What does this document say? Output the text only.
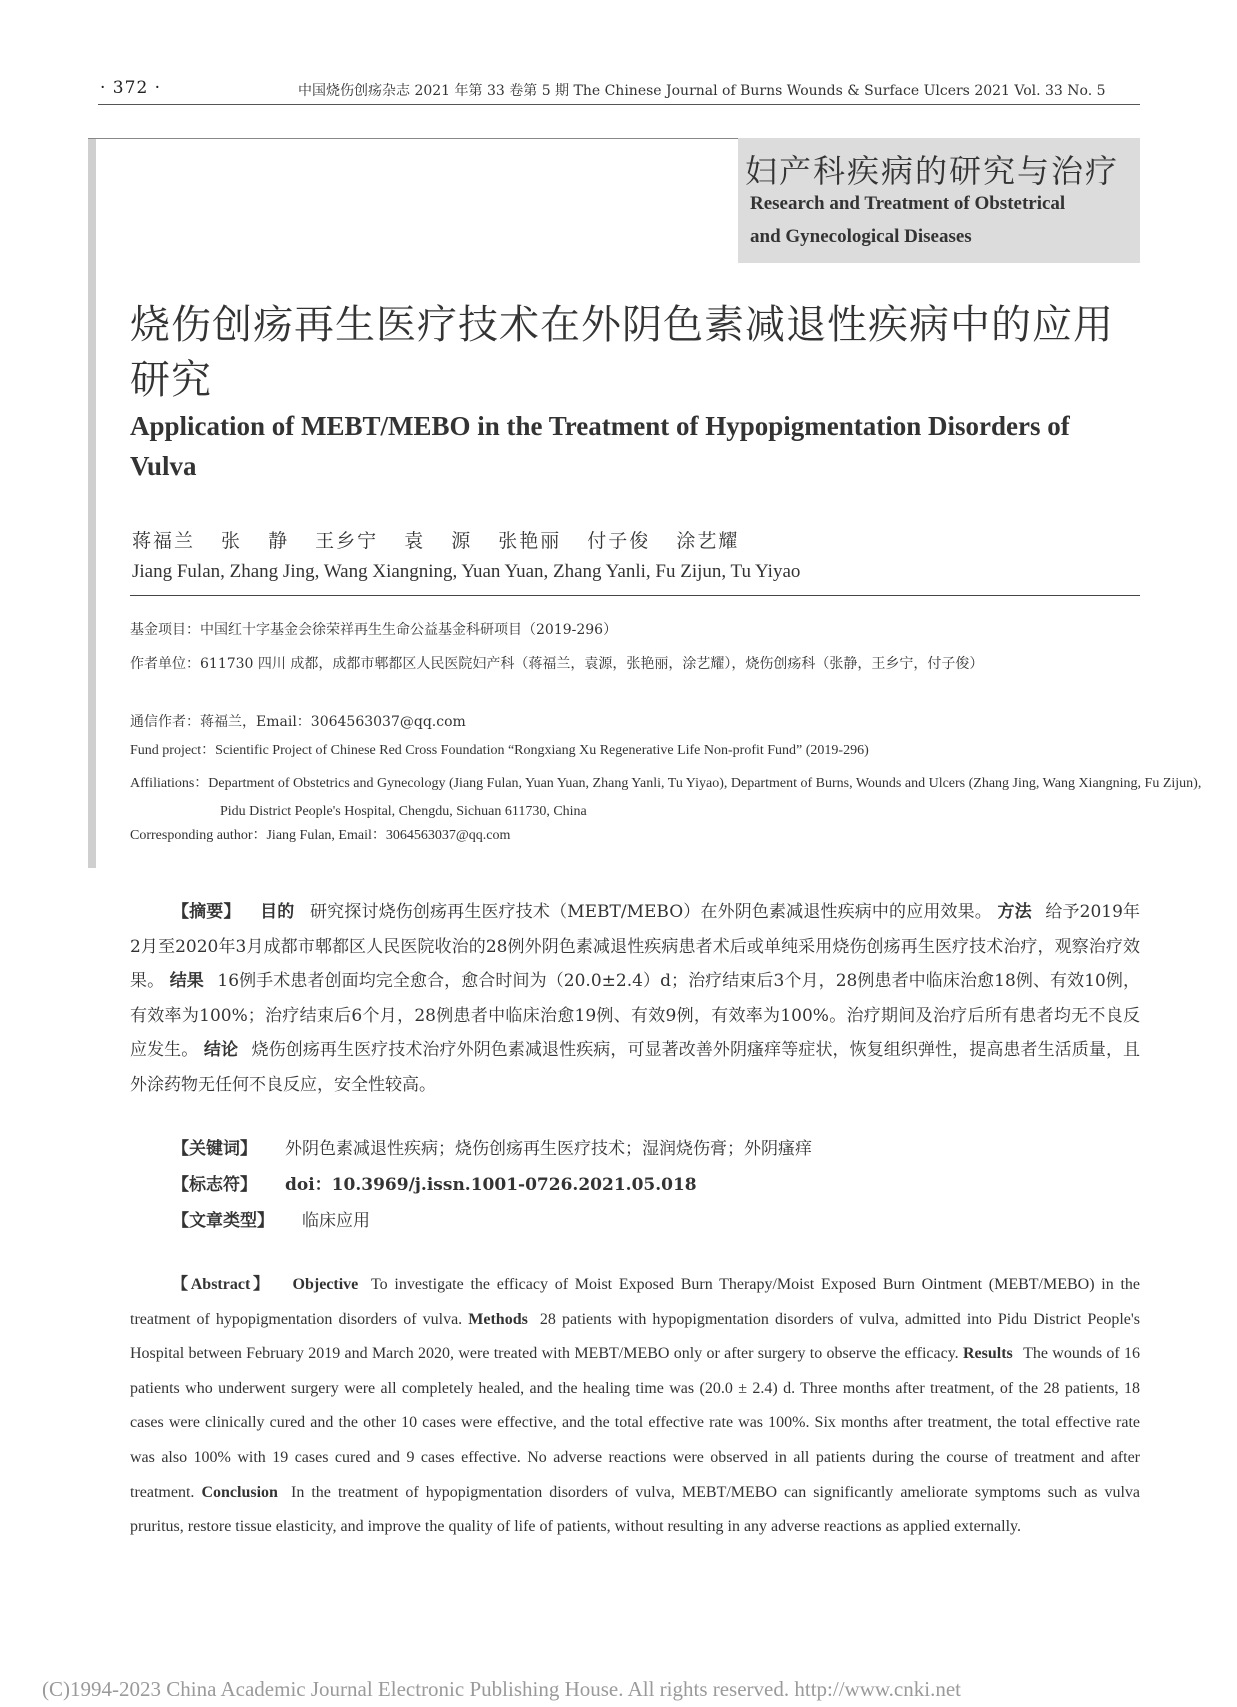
· 372 ·	中国烧伤创疡杂志 2021 年第 33 卷第 5 期 The Chinese Journal of Burns Wounds & Surface Ulcers 2021 Vol. 33 No. 5
妇产科疾病的研究与治疗
Research and Treatment of Obstetrical
and Gynecological Diseases
烧伤创疡再生医疗技术在外阴色素减退性疾病中的应用研究
Application of MEBT/MEBO in the Treatment of Hypopigmentation Disorders of Vulva
蒋福兰 张 静 王乡宁 袁 源 张艳丽 付子俊 涂艺耀
Jiang Fulan, Zhang Jing, Wang Xiangning, Yuan Yuan, Zhang Yanli, Fu Zijun, Tu Yiyao
基金项目：中国红十字基金会徐荣祥再生生命公益基金科研项目（2019-296）
作者单位：611730 四川 成都，成都市郫都区人民医院妇产科（蒋福兰，袁源，张艳丽，涂艺耀），烧伤创疡科（张静，王乡宁，付子俊）
通信作者：蒋福兰，Email：3064563037@qq.com
Fund project：Scientific Project of Chinese Red Cross Foundation “Rongxiang Xu Regenerative Life Non-profit Fund” (2019-296)
Affiliations：Department of Obstetrics and Gynecology (Jiang Fulan, Yuan Yuan, Zhang Yanli, Tu Yiyao), Department of Burns, Wounds and Ulcers (Zhang Jing, Wang Xiangning, Fu Zijun), Pidu District People's Hospital, Chengdu, Sichuan 611730, China
Corresponding author：Jiang Fulan, Email：3064563037@qq.com
【摘要】 目的 研究探讨烧伤创疡再生医疗技术（MEBT/MEBO）在外阴色素减退性疾病中的应用效果。 方法 给予2019年2月至2020年3月成都市郫都区人民医院收治的28例外阴色素减退性疾病患者术后或单纯采用烧伤创疡再生医疗技术治疗，观察治疗效果。 结果 16例手术患者创面均完全愈合，愈合时间为（20.0±2.4）d；治疗结束后3个月，28例患者中临床治愈18例、有效10例，有效率为100%；治疗结束后6个月，28例患者中临床治愈19例、有效9例，有效率为100%。治疗期间及治疗后所有患者均无不良反应发生。 结论 烧伤创疡再生医疗技术治疗外阴色素减退性疾病，可显著改善外阴瘙痒等症状，恢复组织弹性，提高患者生活质量，且外涂药物无任何不良反应，安全性较高。
【关键词】 外阴色素减退性疾病；烧伤创疡再生医疗技术；湿润烧伤膏；外阴瘙痒
【标志符】 doi：10.3969/j.issn.1001-0726.2021.05.018
【文章类型】 临床应用
【Abstract】 Objective To investigate the efficacy of Moist Exposed Burn Therapy/Moist Exposed Burn Ointment (MEBT/MEBO) in the treatment of hypopigmentation disorders of vulva. Methods 28 patients with hypopigmentation disorders of vulva, admitted into Pidu District People's Hospital between February 2019 and March 2020, were treated with MEBT/MEBO only or after surgery to observe the efficacy. Results The wounds of 16 patients who underwent surgery were all completely healed, and the healing time was (20.0 ± 2.4) d. Three months after treatment, of the 28 patients, 18 cases were clinically cured and the other 10 cases were effective, and the total effective rate was 100%. Six months after treatment, the total effective rate was also 100% with 19 cases cured and 9 cases effective. No adverse reactions were observed in all patients during the course of treatment and after treatment. Conclusion In the treatment of hypopigmentation disorders of vulva, MEBT/MEBO can significantly ameliorate symptoms such as vulva pruritus, restore tissue elasticity, and improve the quality of life of patients, without resulting in any adverse reactions as applied externally.
(C)1994-2023 China Academic Journal Electronic Publishing House. All rights reserved. http://www.cnki.net
